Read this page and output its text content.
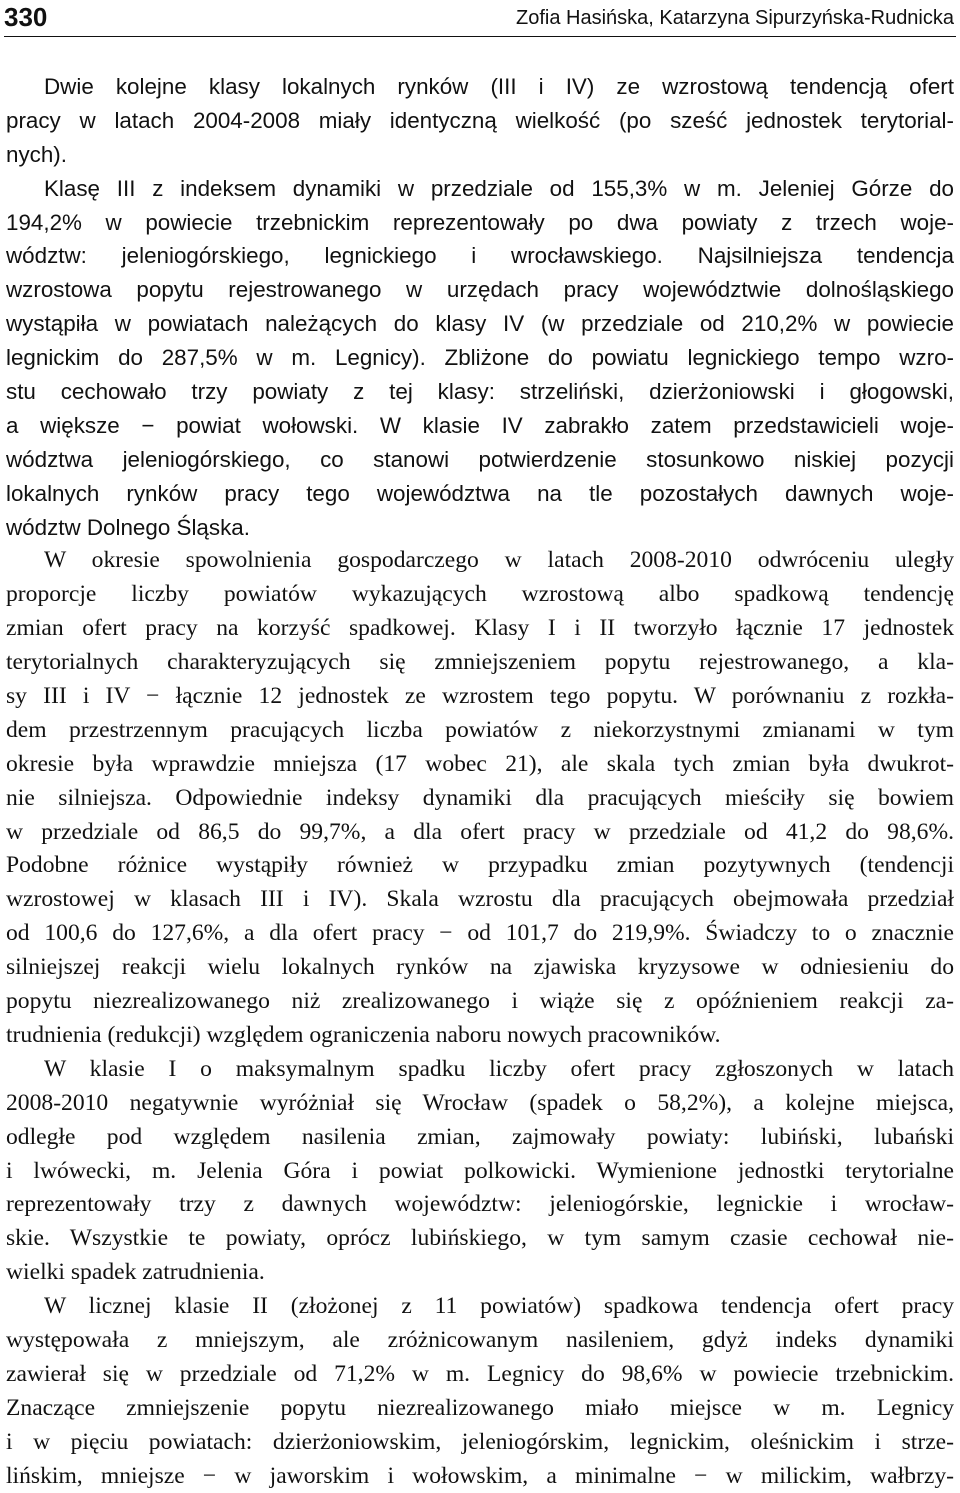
330	Zofia Hasińska, Katarzyna Sipurzyńska-Rudnicka
Dwie kolejne klasy lokalnych rynków (III i IV) ze wzrostową tendencją ofert
pracy w latach 2004-2008 miały identyczną wielkość (po sześć jednostek terytorial-
nych).
Klasę III z indeksem dynamiki w przedziale od 155,3% w m. Jeleniej Górze do
194,2% w powiecie trzebnickim reprezentowały po dwa powiaty z trzech woje-
wództw: jeleniogórskiego, legnickiego i wrocławskiego. Najsilniejsza tendencja
wzrostowa popytu rejestrowanego w urzędach pracy województwie dolnośląskiego
wystąpiła w powiatach należących do klasy IV (w przedziale od 210,2% w powiecie
legnickim do 287,5% w m. Legnicy). Zbliżone do powiatu legnickiego tempo wzro-
stu cechowało trzy powiaty z tej klasy: strzeliński, dzierżoniowski i głogowski,
a większe − powiat wołowski. W klasie IV zabrakło zatem przedstawicieli woje-
wództwa jeleniogórskiego, co stanowi potwierdzenie stosunkowo niskiej pozycji
lokalnych rynków pracy tego województwa na tle pozostałych dawnych woje-
wództw Dolnego Śląska.
W okresie spowolnienia gospodarczego w latach 2008-2010 odwróceniu uległy
proporcje liczby powiatów wykazujących wzrostową albo spadkową tendencję
zmian ofert pracy na korzyść spadkowej. Klasy I i II tworzyło łącznie 17 jednostek
terytorialnych charakteryzujących się zmniejszeniem popytu rejestrowanego, a kla-
sy III i IV − łącznie 12 jednostek ze wzrostem tego popytu. W porównaniu z rozkła-
dem przestrzennym pracujących liczba powiatów z niekorzystnymi zmianami w tym
okresie była wprawdzie mniejsza (17 wobec 21), ale skala tych zmian była dwukrot-
nie silniejsza. Odpowiednie indeksy dynamiki dla pracujących mieściły się bowiem
w przedziale od 86,5 do 99,7%, a dla ofert pracy w przedziale od 41,2 do 98,6%.
Podobne różnice wystąpiły również w przypadku zmian pozytywnych (tendencji
wzrostowej w klasach III i IV). Skala wzrostu dla pracujących obejmowała przedział
od 100,6 do 127,6%, a dla ofert pracy − od 101,7 do 219,9%. Świadczy to o znacznie
silniejszej reakcji wielu lokalnych rynków na zjawiska kryzysowe w odniesieniu do
popytu niezrealizowanego niż zrealizowanego i wiąże się z opóźnieniem reakcji za-
trudnienia (redukcji) względem ograniczenia naboru nowych pracowników.
W klasie I o maksymalnym spadku liczby ofert pracy zgłoszonych w latach
2008-2010 negatywnie wyróżniał się Wrocław (spadek o 58,2%), a kolejne miejsca,
odległe pod względem nasilenia zmian, zajmowały powiaty: lubiński, lubański
i lwówecki, m. Jelenia Góra i powiat polkowicki. Wymienione jednostki terytorialne
reprezentowały trzy z dawnych województw: jeleniogórskie, legnickie i wrocław-
skie. Wszystkie te powiaty, oprócz lubińskiego, w tym samym czasie cechował nie-
wielki spadek zatrudnienia.
W licznej klasie II (złożonej z 11 powiatów) spadkowa tendencja ofert pracy
występowała z mniejszym, ale zróżnicowanym nasileniem, gdyż indeks dynamiki
zawierał się w przedziale od 71,2% w m. Legnicy do 98,6% w powiecie trzebnickim.
Znaczące zmniejszenie popytu niezrealizowanego miało miejsce w m. Legnicy
i w pięciu powiatach: dzierżoniowskim, jeleniogórskim, legnickim, oleśnickim i strze-
lińskim, mniejsze − w jaworskim i wołowskim, a minimalne − w milickim, wałbrzy-
